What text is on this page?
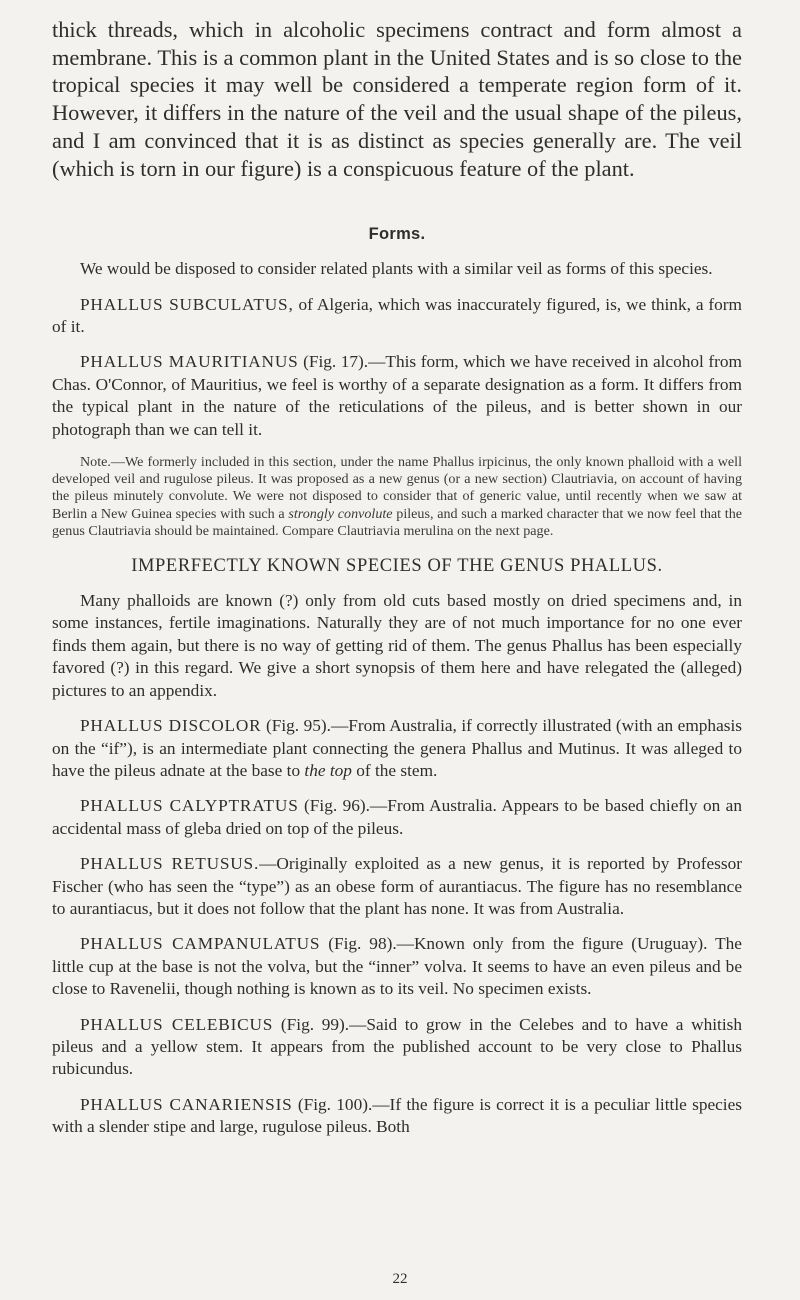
thick threads, which in alcoholic specimens contract and form almost a membrane. This is a common plant in the United States and is so close to the tropical species it may well be considered a temperate region form of it. However, it differs in the nature of the veil and the usual shape of the pileus, and I am convinced that it is as distinct as species generally are. The veil (which is torn in our figure) is a conspicuous feature of the plant.

Forms.

We would be disposed to consider related plants with a similar veil as forms of this species.

PHALLUS SUBCULATUS, of Algeria, which was inaccurately figured, is, we think, a form of it.

PHALLUS MAURITIANUS (Fig. 17).—This form, which we have received in alcohol from Chas. O'Connor, of Mauritius, we feel is worthy of a separate designation as a form. It differs from the typical plant in the nature of the reticulations of the pileus, and is better shown in our photograph than we can tell it.

Note.—We formerly included in this section, under the name Phallus irpicinus, the only known phalloid with a well developed veil and rugulose pileus. It was proposed as a new genus (or a new section) Clautriavia, on account of having the pileus minutely convolute. We were not disposed to consider that of generic value, until recently when we saw at Berlin a New Guinea species with such a strongly convolute pileus, and such a marked character that we now feel that the genus Clautriavia should be maintained. Compare Clautriavia merulina on the next page.

IMPERFECTLY KNOWN SPECIES OF THE GENUS PHALLUS.

Many phalloids are known (?) only from old cuts based mostly on dried specimens and, in some instances, fertile imaginations. Naturally they are of not much importance for no one ever finds them again, but there is no way of getting rid of them. The genus Phallus has been especially favored (?) in this regard. We give a short synopsis of them here and have relegated the (alleged) pictures to an appendix.

PHALLUS DISCOLOR (Fig. 95).—From Australia, if correctly illustrated (with an emphasis on the “if”), is an intermediate plant connecting the genera Phallus and Mutinus. It was alleged to have the pileus adnate at the base to the top of the stem.

PHALLUS CALYPTRATUS (Fig. 96).—From Australia. Appears to be based chiefly on an accidental mass of gleba dried on top of the pileus.

PHALLUS RETUSUS.—Originally exploited as a new genus, it is reported by Professor Fischer (who has seen the “type”) as an obese form of aurantiacus. The figure has no resemblance to aurantiacus, but it does not follow that the plant has none. It was from Australia.

PHALLUS CAMPANULATUS (Fig. 98).—Known only from the figure (Uruguay). The little cup at the base is not the volva, but the “inner” volva. It seems to have an even pileus and be close to Ravenelii, though nothing is known as to its veil. No specimen exists.

PHALLUS CELEBICUS (Fig. 99).—Said to grow in the Celebes and to have a whitish pileus and a yellow stem. It appears from the published account to be very close to Phallus rubicundus.

PHALLUS CANARIENSIS (Fig. 100).—If the figure is correct it is a peculiar little species with a slender stipe and large, rugulose pileus. Both

22
